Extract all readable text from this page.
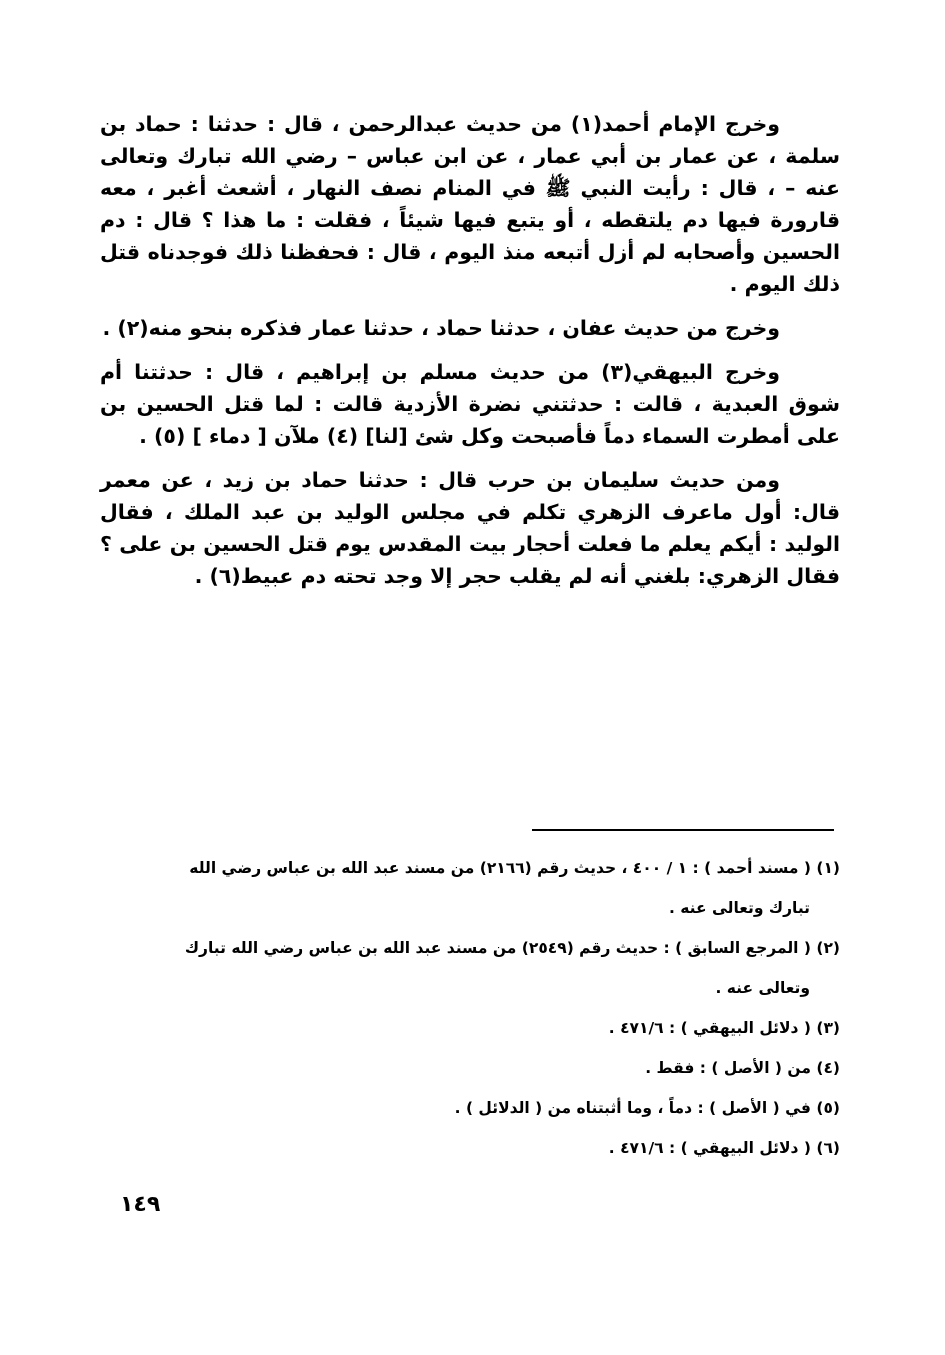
وخرج الإمام أحمد(١) من حديث عبدالرحمن ، قال : حدثنا : حماد بن سلمة ، عن عمار بن أبي عمار ، عن ابن عباس – رضي الله تبارك وتعالى عنه – ، قال : رأيت النبي ﷺ في المنام نصف النهار ، أشعث أغبر ، معه قارورة فيها دم يلتقطه ، أو يتبع فيها شيئاً ، فقلت : ما هذا ؟ قال : دم الحسين وأصحابه لم أزل أتبعه منذ اليوم ، قال : فحفظنا ذلك فوجدناه قتل ذلك اليوم .

وخرج من حديث عفان ، حدثنا حماد ، حدثنا عمار فذكره بنحو منه(٢) .

وخرج البيهقي(٣) من حديث مسلم بن إبراهيم ، قال : حدثتنا أم شوق العبدية ، قالت : حدثتني نضرة الأزدية قالت : لما قتل الحسين بن على أمطرت السماء دماً فأصبحت وكل شئ [لنا] (٤) ملآن [ دماء ] (٥) .

ومن حديث سليمان بن حرب قال : حدثنا حماد بن زيد ، عن معمر قال: أول ماعرف الزهري تكلم في مجلس الوليد بن عبد الملك ، فقال الوليد : أيكم يعلم ما فعلت أحجار بيت المقدس يوم قتل الحسين بن على ؟ فقال الزهري: بلغني أنه لم يقلب حجر إلا وجد تحته دم عبيط(٦) .

(١) ( مسند أحمد ) : ١ / ٤٠٠ ، حديث رقم (٢١٦٦) من مسند عبد الله بن عباس رضي الله

تبارك وتعالى عنه .

(٢) ( المرجع السابق ) : حديث رقم (٢٥٤٩) من مسند عبد الله بن عباس رضي الله تبارك

وتعالى عنه .

(٣) ( دلائل البيهقي ) : ٤٧١/٦ .

(٤) من ( الأصل ) : فقط .

(٥) في ( الأصل ) : دماً ، وما أثبتناه من ( الدلائل ) .

(٦) ( دلائل البيهقي ) : ٤٧١/٦ .

١٤٩
